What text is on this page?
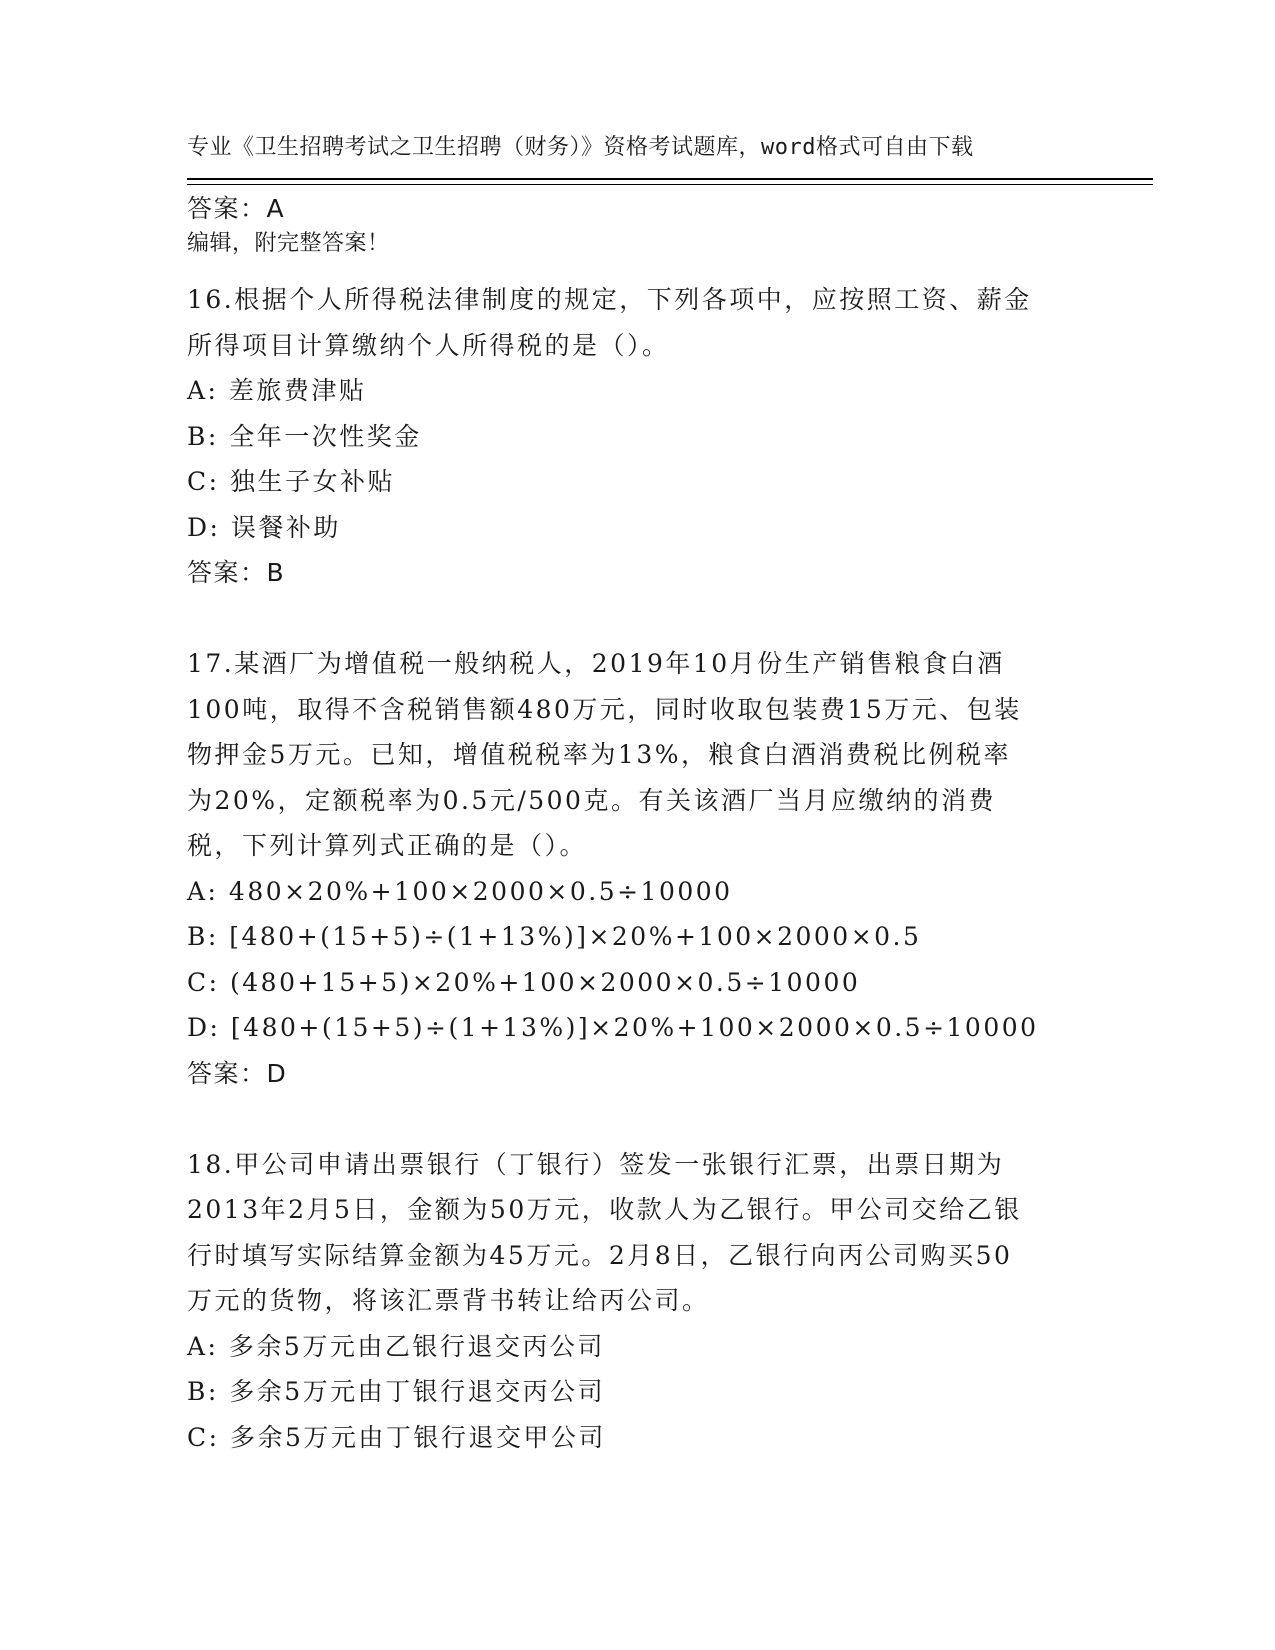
专业《卫生招聘考试之卫生招聘（财务）》资格考试题库，word格式可自由下载

编辑，附完整答案！

答案：A
16.根据个人所得税法律制度的规定，下列各项中，应按照工资、薪金
所得项目计算缴纳个人所得税的是（）。
A: 差旅费津贴
B: 全年一次性奖金
C: 独生子女补贴
D: 误餐补助
答案：B
17.某酒厂为增值税一般纳税人，2019年10月份生产销售粮食白酒
100吨，取得不含税销售额480万元，同时收取包装费15万元、包装
物押金5万元。已知，增值税税率为13%，粮食白酒消费税比例税率
为20%，定额税率为0.5元/500克。有关该酒厂当月应缴纳的消费
税，下列计算列式正确的是（）。
A: 480×20%+100×2000×0.5÷10000
B: [480+(15+5)÷(1+13%)]×20%+100×2000×0.5
C: (480+15+5)×20%+100×2000×0.5÷10000
D: [480+(15+5)÷(1+13%)]×20%+100×2000×0.5÷10000
答案：D
18.甲公司申请出票银行（丁银行）签发一张银行汇票，出票日期为
2013年2月5日，金额为50万元，收款人为乙银行。甲公司交给乙银
行时填写实际结算金额为45万元。2月8日，乙银行向丙公司购买50
万元的货物，将该汇票背书转让给丙公司。
A: 多余5万元由乙银行退交丙公司
B: 多余5万元由丁银行退交丙公司
C: 多余5万元由丁银行退交甲公司
